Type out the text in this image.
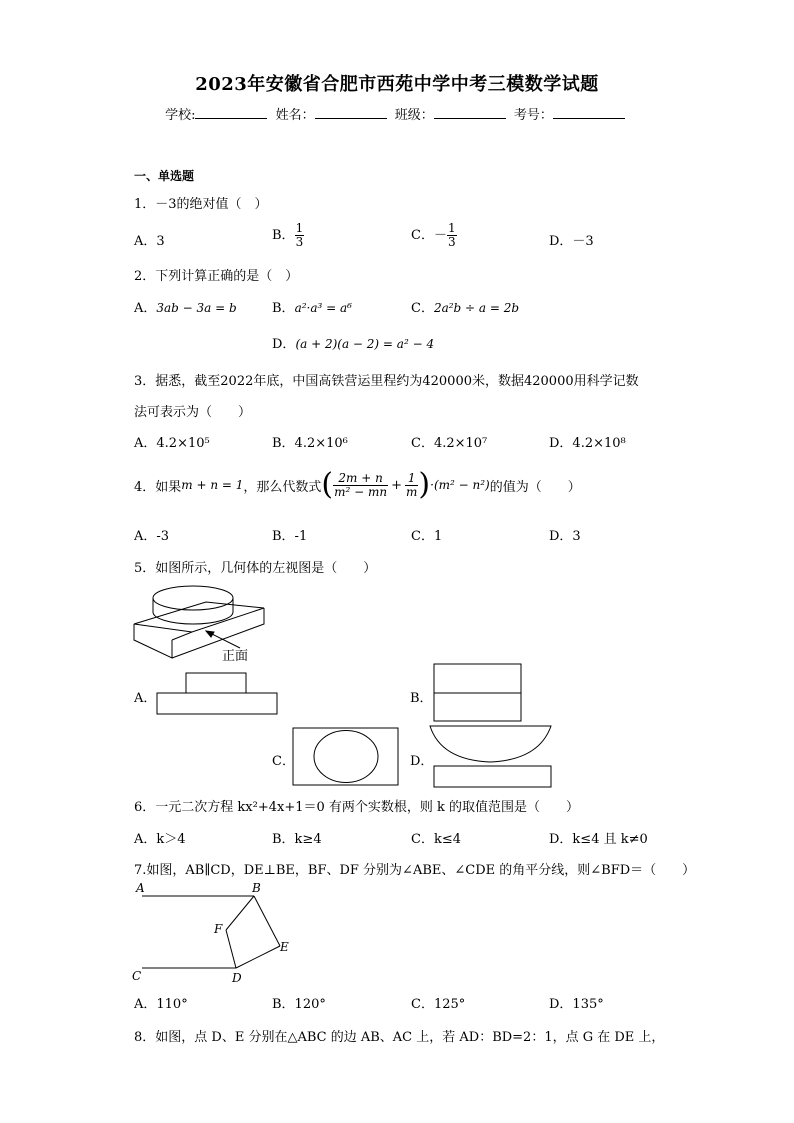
2023年安徽省合肥市西苑中学中考三模数学试题
学校:	姓名：	班级：	考号：
一、单选题
1．－3的绝对值（　）
A．3	B． $\frac{1}{3}$	C．－ $\frac{1}{3}$	D．－3
2．下列计算正确的是（　）
A．3ab − 3a = b	B．a²·a³ = a⁶	C．2a²b ÷ a = 2b
D．(a + 2)(a − 2) = a² − 4
3．据悉，截至2022年底，中国高铁营运里程约为420000米，数据420000用科学记数
法可表示为（　　）
A．4.2×10⁵	B．4.2×10⁶	C．4.2×10⁷	D．4.2×10⁸
4．如果 m + n = 1 ，那么代数式 ( $\frac{2m + n}{\text{m² − mn}} + \frac{1}{m}$ ) ·(m² − n²) 的值为（　　）
A．-3	B．-1	C．1	D．3
5．如图所示，几何体的左视图是（　　）
正面
A．	B．
C．	D．
6．一元二次方程 kx²+4x+1＝0 有两个实数根，则 k 的取值范围是（　　）
A．k＞4	B．k≥4	C．k≤4	D．k≤4 且 k≠0
7.如图，AB∥CD，DE⊥BE，BF、DF 分别为∠ABE、∠CDE 的角平分线，则∠BFD＝（　　）
A	B
C	D
E
F
A．110°	B．120°	C．125°	D．135°
8．如图，点 D、E 分别在△ABC 的边 AB、AC 上，若 AD：BD=2：1，点 G 在 DE 上，
